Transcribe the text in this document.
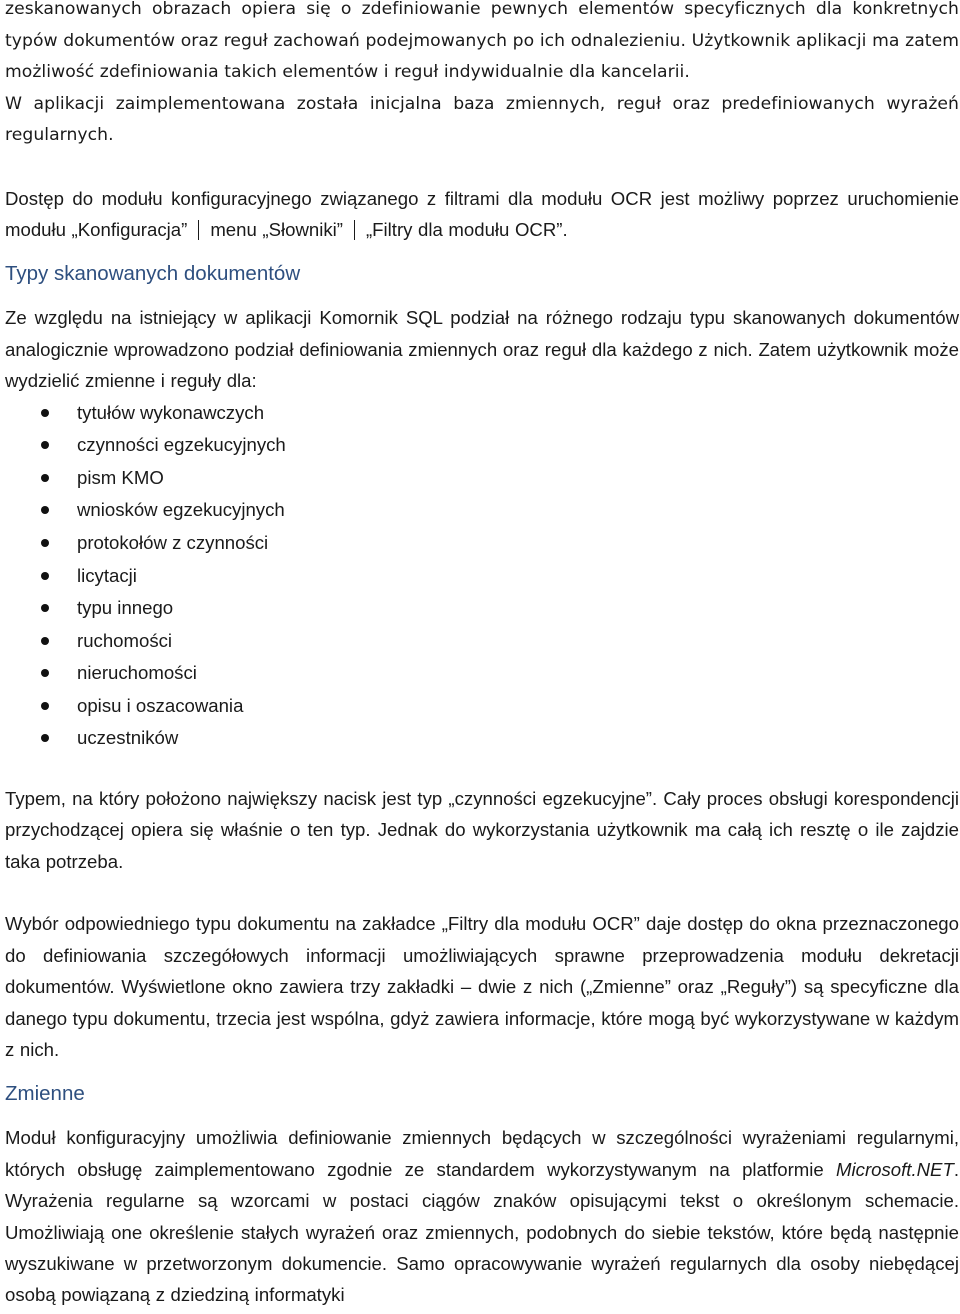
zeskanowanych obrazach opiera się o zdefiniowanie pewnych elementów specyficznych dla konkretnych typów dokumentów oraz reguł zachowań podejmowanych po ich odnalezieniu. Użytkownik aplikacji ma zatem możliwość zdefiniowania takich elementów i reguł indywidualnie dla kancelarii.

W aplikacji zaimplementowana została inicjalna baza zmiennych, reguł oraz predefiniowanych wyrażeń regularnych.

Dostęp do modułu konfiguracyjnego związanego z filtrami dla modułu OCR jest możliwy poprzez uruchomienie modułu „Konfiguracja” menu „Słowniki” „Filtry dla modułu OCR”.

Typy skanowanych dokumentów

Ze względu na istniejący w aplikacji Komornik SQL podział na różnego rodzaju typu skanowanych dokumentów analogicznie wprowadzono podział definiowania zmiennych oraz reguł dla każdego z nich. Zatem użytkownik może wydzielić zmienne i reguły dla:

tytułów wykonawczych
czynności egzekucyjnych
pism KMO
wniosków egzekucyjnych
protokołów z czynności
licytacji
typu innego
ruchomości
nieruchomości
opisu i oszacowania
uczestników

Typem, na który położono największy nacisk jest typ „czynności egzekucyjne”. Cały proces obsługi korespondencji przychodzącej opiera się właśnie o ten typ. Jednak do wykorzystania użytkownik ma całą ich resztę o ile zajdzie taka potrzeba.

Wybór odpowiedniego typu dokumentu na zakładce „Filtry dla modułu OCR” daje dostęp do okna przeznaczonego do definiowania szczegółowych informacji umożliwiających sprawne przeprowadzenia modułu dekretacji dokumentów. Wyświetlone okno zawiera trzy zakładki – dwie z nich („Zmienne” oraz „Reguły”) są specyficzne dla danego typu dokumentu, trzecia jest wspólna, gdyż zawiera informacje, które mogą być wykorzystywane w każdym z nich.

Zmienne

Moduł konfiguracyjny umożliwia definiowanie zmiennych będących w szczególności wyrażeniami regularnymi, których obsługę zaimplementowano zgodnie ze standardem wykorzystywanym na platformie Microsoft.NET. Wyrażenia regularne są wzorcami w postaci ciągów znaków opisującymi tekst o określonym schemacie. Umożliwiają one określenie stałych wyrażeń oraz zmiennych, podobnych do siebie tekstów, które będą następnie wyszukiwane w przetworzonym dokumencie. Samo opracowywanie wyrażeń regularnych dla osoby niebędącej osobą powiązaną z dziedziną informatyki
